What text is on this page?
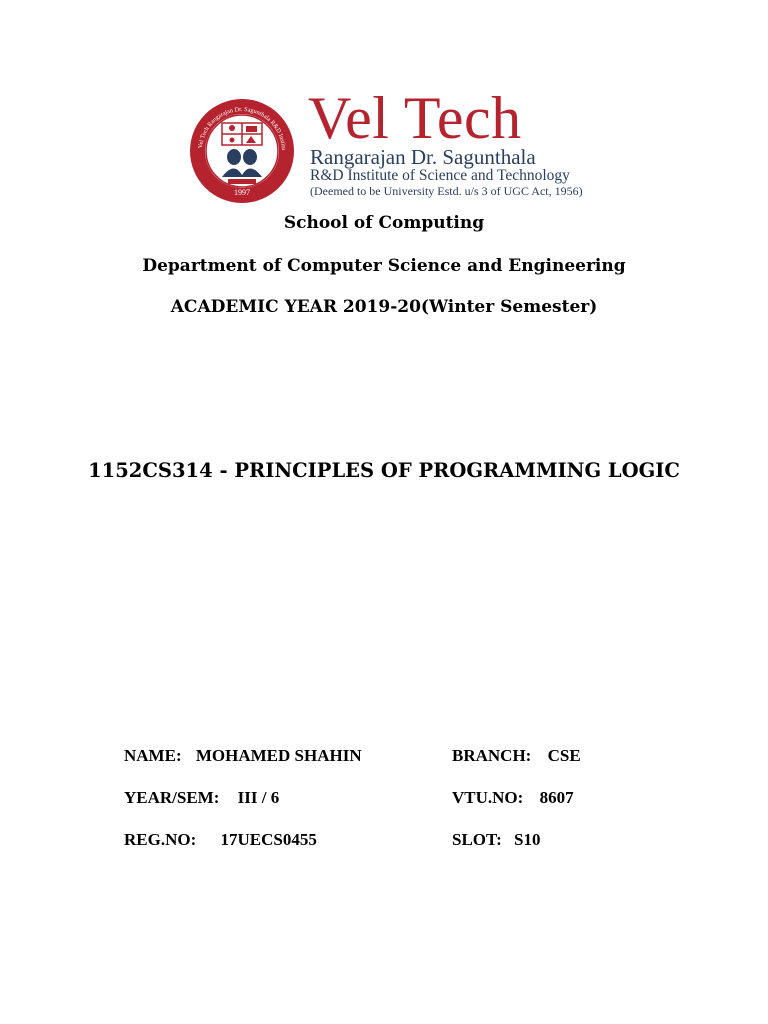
1997
Vel Tech Rangarajan Dr. Sagunthala R&D Institu Vel Tech
Rangarajan Dr. Sagunthala
R&D Institute of Science and Technology
(Deemed to be University Estd. u/s 3 of UGC Act, 1956)
School of Computing
Department of Computer Science and Engineering
ACADEMIC YEAR 2019-20(Winter Semester)
1152CS314 - PRINCIPLES OF PROGRAMMING LOGIC
NAME: MOHAMED SHAHIN	BRANCH: CSE
YEAR/SEM: III / 6	VTU.NO: 8607
REG.NO: 17UECS0455	SLOT: S10
